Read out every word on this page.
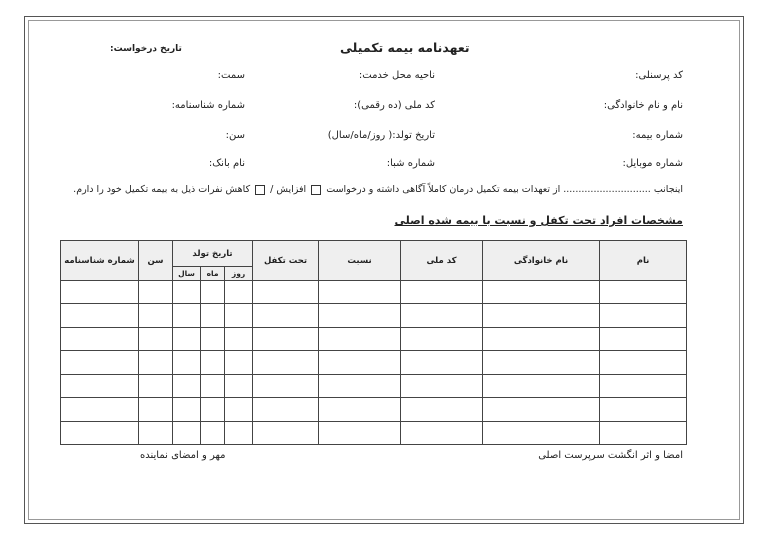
تعهدنامه بیمه تکمیلی
تاریخ درخواست:
کد پرسنلی:
ناحیه محل خدمت:
سمت:
نام و نام خانوادگی:
کد ملی (ده رقمی):
شماره شناسنامه:
شماره بیمه:
تاریخ تولد:( روز/ماه/سال)
سن:
شماره موبایل:
شماره شبا:
نام بانک:
اینجانب ............................. از تعهدات بیمه تکمیل درمان کاملاً آگاهی داشته و درخواست  افزایش /  کاهش نفرات ذیل به بیمه تکمیل خود را دارم.
مشخصات افراد تحت تکفل و نسبت با بیمه شده اصلی
نام	نام خانوادگی	کد ملی	نسبت	تحت تکفل	تاریخ تولد			سن	شماره شناسنامه
					روز	ماه	سال		

امضا و اثر انگشت سرپرست اصلی
مهر و امضای نماینده
